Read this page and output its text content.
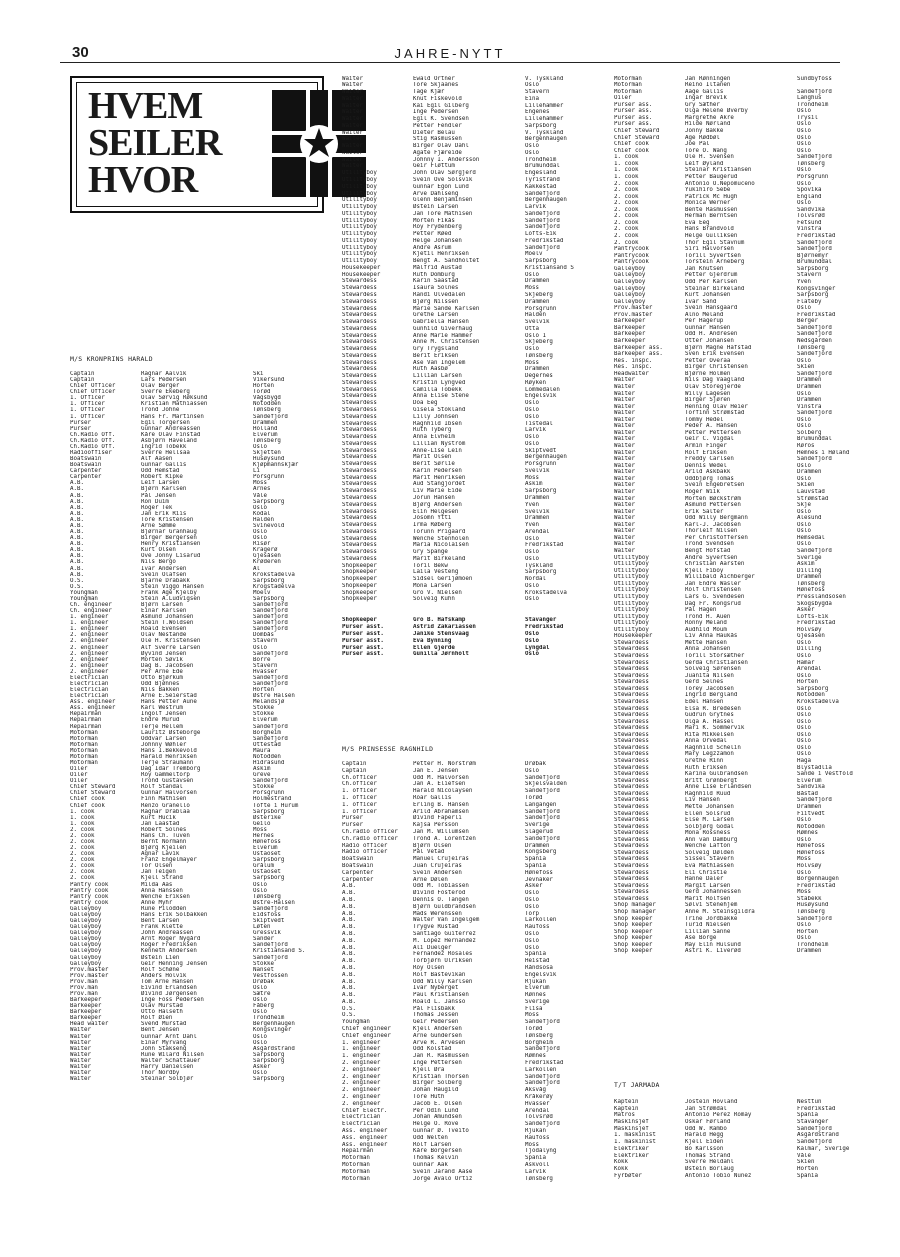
30	JAHRE-NYTT
HVEM
SEILER
HVOR
M/S KRONPRINS HARALD
Captain	Ragnar Aalvik	Ski
Captain	Lars Pedersen	Vikersund
Chief Officer	Olav Berger	Horten
Chief Officer	Sverre Ekeberg	Torød
1. Officer	Olav Sørvig Røksund	Vågsbygd
1. Officer	Kristian Mathiassen	Notodden
1. Officer	Trond Johne	Tønsberg
1. Officer	Hans Fr. Martinsen	Sandefjord
Purser	Egil Torgersen	Drammen
Purser	Gunnar Andreassen	Holland
Ch.Radio Off.	Kåre Olav Finstad	Elverum
Ch.Radio Off.	Asbjørn Haveland	Tønsberg
Ch.Radio Off.	Ingrid Tobekk	Oslo
Radiooffiser	Sverre Hellsaa	Skjetten
Boatswain	Alf Aasen	Husøysund
Boatswain	Gunnar Gallis	Kjøpmannskjær
Carpenter	Odd Hemstad	Li
Carpenter	Robert Kipke	Porsgrunn
A.B.	Leif Larsen	Moss
A.B.	Bjørn Karlsen	Årnes
A.B.	Pål Jensen	Våle
A.B.	Ron Duim	Sarpsborg
A.B.	Roger Tek	Oslo
A.B.	Jan Erik Riis	Kodal
A.B.	Tore Kristensen	Halden
A.B.	Arne Sømme	Svinevold
A.B.	Bjørnar Granhaug	Oslo
A.B.	Birger Bergersen	Oslo
A.B.	Henry Kristiansen	Risør
A.B.	Kurt Olsen	Kragerø
A.B.	Ove Jonny Lisarud	Gjesåsen
A.B.	Nils Bergo	Krøderen
A.B.	Ivar Andersen	Ål
A.B.	Svein Olafsen	Krokstadelva
O.S.	Bjarne Drabakk	Sarpsborg
O.S.	Stein Viggo Hansen	Krogstadelva
Youngman	Frank Åge Kjelby	Moelv
Youngman	Stein Å.Ludvigsen	Sarpsborg
Ch. engineer	Bjørn Larsen	Sandefjord
Ch. engineer	Einar Karlsen	Sandefjord
1. engineer	Åsmund Johansen	Sandefjord
1. engineer	Stein T.Woldsen	Sandefjord
1. engineer	Roald Evensen	Sandefjord
2. engineer	Olav Nestande	Dombås
2. engineer	Ole H. Kristensen	Stavern
2. engineer	Alf Sverre Larsen	Oslo
2. engineer	Øyvind Jensen	Sandefjord
2. engineer	Morten Søvik	Borre
2. engineer	Dag B. Jacobsen	Stavern
2. engineer	Per Arne Ede	Hvasser
Electrician	Otto Bjørkum	Sandefjord
Electrician	Odd Bjønnes	Sandefjord
Electrician	Nils Bakken	Horten
Electrician	Arne E.Seierstad	Østre Halsen
Ass. engineer	Hans Petter Aune	Melandsjø
Ass. engineer	Karl Westrum	Stokke
Repairman	Ingolf Jensen	Stokke
Repairman	Endre Murud	Elverum
Repairman	Terje Hellem	Sandefjord
Motorman	Lauritz Østeborge	Borgheim
Motorman	Oddvar Larsen	Sandefjord
Motorman	Johnny Wøhler	Ottestad
Motorman	Hans I.Bekkevold	Maura
Motorman	Harald Henriksen	Notodden
Motorman	Terje Straumann	Hidrasund
Oiler	Dag Idar Tremborg	Askim
Oiler	Roy Gammeltorp	Greve
Oiler	Trond Gustavsen	Sandefjord
Chief Steward	Rolf Standal	Stokke
Chief Steward	Gunnar Halvorsen	Porsgrunn
Chief cook	Finn Mathisen	Holmestrand
Chief cook	Renzo Granello	Tofte i Hurum
1. cook	Ragnar Drablaa	Sarpsborg
1. cook	Kurt Hucik	Østerike
1. cook	Jan Laastad	Geilo
2. cook	Robert Solnes	Moss
2. cook	Hans Ch. Tuven	Hernes
2. cook	Bernt Normann	Hønefoss
2. cook	Bjørg Kjeilen	Elverum
2. cook	Agnar Lavik	Ustaoset
2. cook	Franz Engelmayer	Sarpsborg
2. cook	Tor Olsen	Grålum
2. cook	Jan Teigen	Ustaoset
2. cook	Kjell Strand	Sarpsborg
Pantry cook	Milda Aas	Oslo
Pantry cook	Anna Hanssen	Oslo
Pantry cook	Wenche Eriksen	Tønsberg
Pantry cook	Anne Myhr	Østre-Halsen
Galleyboy	Rune Pilodden	Sandefjord
Galleyboy	Hans Erik Solbakken	Eidsfoss
Galleyboy	Bent Larsen	Skiptvedt
Galleyboy	Frank Klette	Løten
Galleyboy	John Andreassen	Gressvik
Galleyboy	Arnt Roger Nygård	Sander
Galleyboy	Roger Fredriksen	Sandefjord
Galleyboy	Kenneth Andersen	Kristiansand S.
Galleyboy	Østein Lien	Sandefjord
Galleyboy	Geir Henning Jensen	Stokke
Prov.master	Rolf Schøne	Nanset
Prov.master	Anders Holvik	Vestfossen
Prov.man	Tom Arne Hansen	Drøbak
Prov.man	Eivind Erlandsen	Oslo
Prov.man	Øivind Jørgensen	Sætre
Barkeeper	Inge Foss Pedersen	Oslo
Barkeeper	Olav Murstad	Fåberg
Barkeeper	Otto Halseth	Oslo
Barkeeper	Rolf Øien	Trondheim
Head waiter	Svend Murstad	Bergenhaugen
Waiter	Bent Jensen	Kongsvinger
Waiter	Gunnar Arnt Dahl	Oslo
Waiter	Einar Myrvang	Oslo
Waiter	John Stakseng	Åsgårdstrand
Waiter	Rune Wilard Nilsen	Sarpsborg
Waiter	Walter Schattauer	Sarpsborg
Waiter	Harry Danielsen	Asker
Waiter	Thor Nordby	Oslo
Waiter	Steinar Solbjør	Sarpsborg
Waiter	Ewald Ortner	V. Tyskland
Waiter	Tore Skjaanes	Oslo
Waiter	Tage Kjær	Stavern
Waiter	Knut Fiskevold	Eina
Waiter	Kai Egil Gilberg	Lillehammer
Waiter	Inge Pedersen	Engenes
Waiter	Egil K. Svendsen	Lillehammer
Waiter	Petter Fendler	Sarpsborg
Waiter	Dieter Belau	V. Tyskland
Waiter	Stig Rasmussen	Bergenhaugen
Waiter	Birger Olav Dahl	Oslo
Waiter	Agate Fjæreide	Oslo
Waiter	Johnny I. Andersson	Trondheim
Waiter	Geir Fløttum	Brumunddal
Utilityboy	John Olav Sørgjerd	Engesland
Utilityboy	Svein Ove Solsvik	Tyristrand
Utilityboy	Gunnar Egon Lund	Kakkestad
Utilityboy	Arve Dahlseng	Sandefjord
Utilityboy	Glenn Benjaminsen	Bergenhaugen
Utilityboy	Østein Larsen	Larvik
Utilityboy	Jan Tore Mathisen	Sandefjord
Utilityboy	Morten Fikås	Sandefjord
Utilityboy	Roy Frydenberg	Sandefjord
Utilityboy	Petter Røed	Lofts-Eik
Utilityboy	Helge Johansen	Fredrikstad
Utilityboy	André Åsrum	Sandefjord
Utilityboy	Kjetil Henriksen	Moelv
Utilityboy	Bengt A. Sandholtet	Sarpsborg
Housekeeper	Målfrid Austad	Kristiansand S
Housekeeper	Ruth Domburg	Oslo
Stewardess	Karin Saastad	Drammen
Stewardess	Isaura Solnes	Moss
Stewardess	Randi Ulvedalen	Skjeberg
Stewardess	Bjørg Nilssen	Drammen
Stewardess	Marie Sande Karlsen	Porsgrunn
Stewardess	Grethe Larsen	Halden
Stewardess	Gabriella Hansen	Svelvik
Stewardess	Gunhild Giverhaug	Otta
Stewardess	Anne Marie Hammer	Oslo 1
Stewardess	Anne M. Christensen	Skjeberg
Stewardess	Gry Trygsland	Oslo
Stewardess	Berit Eriksen	Tønsberg
Stewardess	Åse Van Ingelem	Moss
Stewardess	Ruth Aasbø	Drammen
Stewardess	Lillian Larsen	Degernes
Stewardess	Kristin Lyngved	Røyken
Stewardess	Camilla Tobekk	Lommedalen
Stewardess	Anna Elise Stene	Engelsvik
Stewardess	Doa Eeg	Oslo
Stewardess	Gisela Stokland	Oslo
Stewardess	Lilly Johnsen	Oslo
Stewardess	Ragnhild Ibsen	Tistedal
Stewardess	Ruth Tyberg	Larvik
Stewardess	Anna Elvheim	Oslo
Stewardess	Lillian Nyström	Oslo
Stewardess	Anne-Lise Lein	Skiptvedt
Stewardess	Marit Olsen	Bergenhaugen
Stewardess	Berit Sørlie	Porsgrunn
Stewardess	Karin Pedersen	Svelvik
Stewardess	Marit Henriksen	Moss
Stewardess	Aud Stangjordet	Askim
Stewardess	Liv Marie Eide	Sarpsborg
Stewardess	Jorun Hansen	Drammen
Stewardess	Bjørg Andersen	Yven
Stewardess	Elin Helgesen	Svelvik
Stewardess	Josomn Ytti	Drammen
Stewardess	Irma Røberg	Yven
Stewardess	Torunn Prigaard	Arendal
Stewardess	Wenche Stenholen	Oslo
Stewardess	Maria Nicolaisen	Fredrikstad
Stewardess	Gry Spange	Oslo
Stewardess	Marit Birkeland	Oslo
Shopkeeper	Toril Bekw	Tyskland
Shopkeeper	Laila Vesteng	Sarpsborg
Shopkeeper	Sidsel Gerijømoen	Nordal
Shopkeeper	Mona Larsen	Oslo
Shopkeeper	Gro V. Nielsen	Krokstadelva
Shopkeeper	Solveig Kuhn	Oslo
Shopkeeper	Gro B. Hafskamp	Stavanger
Purser asst.	Astrid Zakariassen	Fredrikstad
Purser asst.	Janike Stensvaag	Oslo
Purser asst.	Eva Bynning	Oslo
Purser asst.	Ellen Gjerde	Lyngdal
Purser asst.	Gunilla Jørnholt	Oslo
M/S PRINSESSE RAGNHILD
Captain	Petter H. Norstrøm	Drøbak
Captain	Jan E. Jensen	Oslo
Ch.officer	Odd M. Halvorsen	Sandefjord
Ch.officer	Jan A. Eliefsen	Skjelsvalden
1. officer	Harald Nicolaysen	Sandefjord
1. officer	Roar Gallis	Torød
1. officer	Erling B. Hansen	Langangen
1. officer	Arild Abrahamsen	Sandefjord
Purser	Øivind Faperli	Sandefjord
Purser	Kajsa Persson	Sverige
Ch.radio officer	Jan M. Willumsen	Slagerud
Ch.radio officer	Trond A. Lorentzen	Sandefjord
Radio officer	Bjørn Olsen	Drammen
Radio officer	Pål Vetad	Kongsberg
Boatswain	Manuel Crujeiras	Spania
Boatswain	Juan Crujeiras	Spania
Carpenter	Svein Andersen	Hønefoss
Carpenter	Arne Dølen	Jevnaker
A.B.	Odd M. Tobiassen	Asker
A.B.	Øivind Fosterod	Oslo
A.B.	Dennis O. Tangen	Oslo
A.B.	Bjørn Guldbrandsen	Oslo
A.B.	Mads Werenssen	Torp
A.B.	Walter Van Ingelgem	Larkollen
A.B.	Trygve Rustad	Raufoss
A.B.	Santiago Guiterrez	Oslo
A.B.	M. Lopez Hernandez	Oslo
A.B.	Ali Duelger	Oslo
A.B.	Fernandez Rosales	Spania
A.B.	Torbjørn Ulriksen	Heistad
A.B.	Roy Olsen	Råndsosa
A.B.	Rolf Bastevikan	Engelsvik
A.B.	Odd Willy Karlsen	Rjukan
A.B.	Ivar Nyberget	Elverum
A.B.	Paul Kristiansen	Rønnes
A.B.	Roald L. Jansso	Sverige
O.S.	Pål Flisbakk	Flisa
O.S.	Thomas Jessen	Moss
Youngman	Geir Pedersen	Sandefjord
Chief engineer	Kjell Andersen	Torød
Chief engineer	Arne Gundersen	Tønsberg
1. engineer	Arve R. Arvesen	Borgheim
1. engineer	Odd Kolstad	Sandefjord
1. engineer	Jan R. Rasmussen	Rømnes
2. engineer	Inge Pettersen	Fredrikstad
2. engineer	Kjell Øra	Larkollen
2. engineer	Kristian Thorsen	Sandefjord
2. engineer	Birger Solberg	Sandefjord
2. engineer	Johan Haugild	Åksvåg
2. engineer	Tore Huth	Kråkerøy
2. engineer	Jacob E. Olsen	Hvasser
Chief Electr.	Per Odin Lund	Arendal
Electrician	Johan Amundsen	Tolvsrød
Electrician	Helge O. Rove	Sandefjord
Ass. engineer	Gunnar Ø. Tveito	Rjukan
Ass. engineer	Odd Welten	Raufoss
Ass. engineer	Rolf Larsen	Moss
Repairman	Kåre Borgersen	Tjodalyng
Motorman	Thomas Kelvin	Spania
Motorman	Gunnar Aak	Askvoll
Motorman	Svein Jarand Aase	Larvik
Motorman	Jorge Avalo Ortiz	Tønsberg
Motorman	Jan Rønningen	Sundbyfoss
Motorman	Reino Iltanen
Motorman	Aage Gallis	Sandefjord
Oiler	Ingar Brevik	Langhus
Purser ass.	Gry Sæther	Trondheim
Purser ass.	Olga Helene Øverby	Oslo
Purser ass.	Margrethe Akre	Trysil
Purser ass.	Hilde Nørland	Oslo
Chief Steward	Jonny Bakke	Oslo
Chief Steward	Åge Rødbøl	Oslo
Chief cook	Joe Pal	Oslo
Chief cook	Tore O. Wang	Oslo
1. cook	Ole H. Svensen	Sandefjord
1. cook	Leif Øyland	Tønsberg
1. cook	Steinar Kristiansen	Oslo
1. cook	Petter Baugerud	Porsgrunn
2. cook	Antonio O.Nepomuceno	Oslo
2. cook	Yukihiro Sebe	Spovika
2. cook	Patrick Mc Hugh	England
2. cook	Monica Werner	Oslo
2. cook	Bente Rasmussen	Sandvika
2. cook	Herman Berntsen	Tolvsrød
2. cook	Eva Eeg	Fetsund
2. cook	Hans Brandvold	Vinstra
2. cook	Helge Gulliksen	Fredrikstad
2. cook	Thor Egil Stavnum	Sandefjord
Pantrycook	Siri Halvorsen	Sandefjord
Pantrycook	Torill Syvertsen	Bjørnemyr
Pantrycook	Torstein Arneberg	Brumunddal
Galleyboy	Jan Knutsen	Sarpsborg
Galleyboy	Petter Gjerdrum	Stavern
Galleyboy	Odd Per Karlsen	Yven
Galleyboy	Steinar Birkeland	Kongsvinger
Galleyboy	Kurt Johansen	Sarpsborg
Galleyboy	Ivar Sand	Flateby
Prov.master	Svein Hansgaard	Oslo
Prov.master	Alno Meland	Fredrikstad
Barkeeper	Per Hagerup	Berger
Barkeeper	Gunnar Hansen	Sandefjord
Barkeeper	Odd H. Andresen	Sandefjord
Barkeeper	Otter Johansen	Nedsgården
Barkeeper ass.	Bjørn Magne Hafstad	Tønsberg
Barkeeper ass.	Sven Erik Evensen	Sandefjord
Res. inspc.	Petter Overaa	Oslo
Res. inspc.	Birger Christensen	Skien
Headwaiter	Bjørne Holmen	Sandefjord
Waiter	Nils Dag Vaagland	Drammen
Waiter	Olav Storegjerde	Drammen
Waiter	Willy Lagesen	Oslo
Waiter	Birger Sjøren	Drammen
Waiter	Henning Olav Heier	Vinstra
Waiter	Torfinn Strømstad	Sandefjord
Waiter	Tommy Hedel	Oslo
Waiter	Peder A. Hansen	Oslo
Waiter	Petter Pettersen	Solberg
Waiter	Geir C. Vigdal	Brumunddal
Waiter	Armin Finger	Røros
Waiter	Rolf Eriksen	Hemnes i Høland
Waiter	Freddy Carlsen	Sandefjord
Waiter	Dennis Wedel	Oslo
Waiter	Arild Askbakk	Drammen
Waiter	Oddbjørg Tomas	Oslo
Waiter	Svein Engebretsen	Skien
Waiter	Roger Wiik	Lauvstad
Waiter	Morten Bøckstrøm	Strømstad
Waiter	Åsmund Pettersen	Skje
Waiter	Erik Salter	Oslo
Waiter	Odd Willy Bergmann	Ålesund
Waiter	Karl-J. Jacobsen	Oslo
Waiter	Thorleif Nilsen	Oslo
Waiter	Per Christoffersen	Hemsedal
Waiter	Trond Svendsen	Oslo
Waiter	Bengt Hofstad	Sandefjord
Utilityboy	Andre Syvertsen	Sverige
Utilityboy	Christian Aarsten	Askim
Utilityboy	Kjell Fiboy	Dilling
Utilityboy	Willibald Aichberger	Drammen
Utilityboy	Jan Endre Wasler	Tønsberg
Utilityboy	Rolf Christensen	Hønefoss
Utilityboy	Lars G. Svendesen	Presslandsosen
Utilityboy	Dag Fr. Kongsrud	Skogsbygda
Utilityboy	Pål Hagen	Asker
Utilityboy	Trond H. Auen	Lofts-Eik
Utilityboy	Ronny Meland	Fredrikstad
Utilityboy	Audhild Moum	Holvsøy
Housekeeper	Liv Anna Haukås	Gjesåsen
Stewardess	Mette Hansen	Oslo
Stewardess	Anna Johansen	Dilling
Stewardess	Torill Storsæther	Oslo
Stewardess	Gerda Christiansen	Hamar
Stewardess	Solveig Sørensen	Arendal
Stewardess	Juanita Nilsen	Oslo
Stewardess	Gerd Selnes	Horten
Stewardess	Torey Jacobsen	Sarpsborg
Stewardess	Ingrid Bergland	Notodden
Stewardess	Edel Hansen	Krokstadelva
Stewardess	Elsa R. Bredesen	Oslo
Stewardess	Gudrun Grytnes	Oslo
Stewardess	Olga A. Hassel	Oslo
Stewardess	Mari K. Sommervik	Oslo
Stewardess	Rita Mikkelsen	Oslo
Stewardess	Anna Orvedal	Oslo
Stewardess	Ragnhild Schelin	Oslo
Stewardess	Mary Legzzamon	Oslo
Stewardess	Grethe Rinn	Haga
Stewardess	Ruth Eriksen	Blystadlia
Stewardess	Karina Gulbrandsen	Sande i Vestfold
Stewardess	Britt Grønbergt	Elverum
Stewardess	Anne Lise Erlandsen	Sandvika
Stewardess	Ragnhild Ruud	Båstad
Stewardess	Liv Hansen	Sandefjord
Stewardess	Mette Johansen	Drammen
Stewardess	Ellen Solsrud	Fiitvedt
Stewardess	Else M. Larsen	Oslo
Stewardess	Solbjørg Godal	Notodden
Stewardess	Mona Rossness	Rømnes
Stewardess	Ann van Damburg	Oslo
Stewardess	Wenche Lafton	Hønefoss
Stewardess	Solveig Dølden	Hønefoss
Stewardess	Sissel Stavern	Moss
Stewardess	Eva Mathiassen	Holvsøy
Stewardess	Eli Christie	Oslo
Stewardess	Hanne Daler	Borgenhaugen
Stewardess	Margit Larsen	Fredrikstad
Stewardess	Gerd Johannessen	Moss
Stewardess	Marit Rolfsen	Stabekk
Shop manager	Sølvi Stenehjem	Husøysund
Shop manager	Anne M. Steinsgildra	Tønsberg
Shop keeper	Trine Jordbakke	Sandefjord
Shop keeper	Turid Nielsen	Oslo
Shop keeper	Lillian Sanne	Horten
Shop keeper	Ase Borge	Oslo
Shop keeper	May Elin Hulsund	Trondheim
Shop keeper	Astri K. Liverød	Drammen
T/T JARMADA
Kaptein	Jostein Hovland	Nesttun
Kaptein	Jan Strømdal	Fredrikstad
Matros	Antonio Perez Romay	Spania
Maskinsjef	Oskar Førland	Stavanger
Maskinsjef	Odd W. Rambo	Sandefjord
1. maskinist	Harald Hegg	Åsgårdstrand
1. maskinist	Kjell Eiden	Sandefjord
Elektriker	Bo Karlsson	Kalmar, Sverige
Elektriker	Thomas Strand	Våle
Kokk	Sverre Heldahl	Skien
Kokk	Østein Borlaug	Horten
Fyrbøter	Antonio Tobio Nunez	Spania
